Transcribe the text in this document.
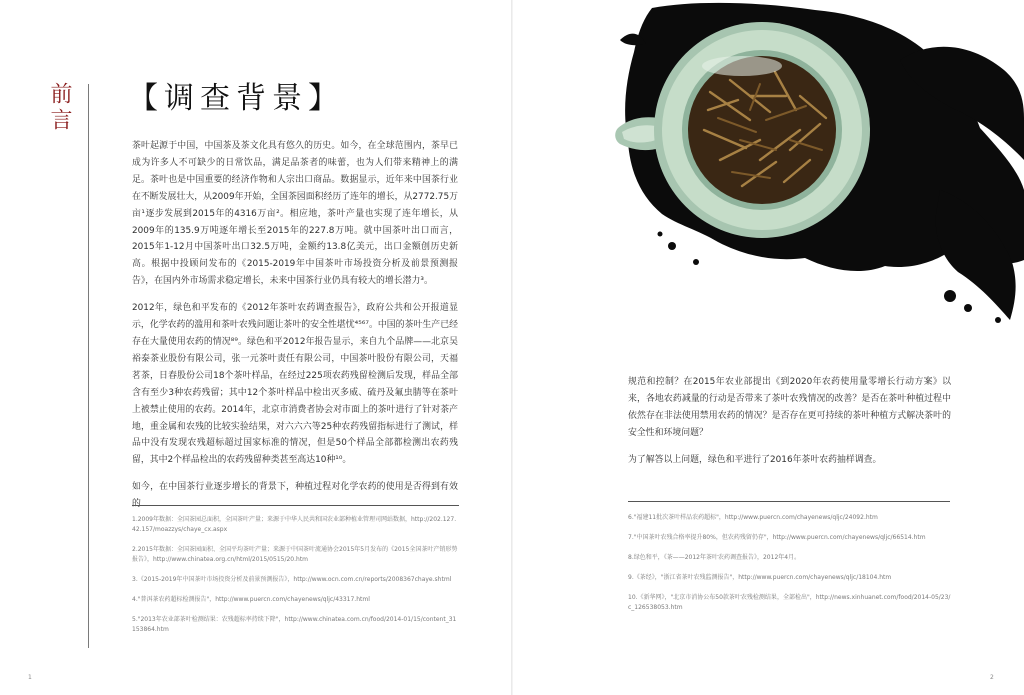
前言 【调查背景】

茶叶起源于中国，中国茶及茶文化具有悠久的历史。如今，在全球范围内，茶早已成为许多人不可缺少的日常饮品，满足品茶者的味蕾，也为人们带来精神上的满足。茶叶也是中国重要的经济作物和人宗出口商品。数据显示，近年来中国茶行业在不断发展壮大，从2009年开始，全国茶园面积经历了连年的增长，从2772.75万亩¹逐步发展到2015年的4316万亩²。相应地，茶叶产量也实现了连年增长，从2009年的135.9万吨逐年增长至2015年的227.8万吨。就中国茶叶出口而言，2015年1-12月中国茶叶出口32.5万吨，金额约13.8亿美元，出口金额创历史新高。根据中投顾问发布的《2015-2019年中国茶叶市场投资分析及前景预测报告》，在国内外市场需求稳定增长，未来中国茶行业仍具有较大的增长潜力³。

2012年，绿色和平发布的《2012年茶叶农药调查报告》，政府公共和公开报道显示，化学农药的滥用和茶叶农残问题让茶叶的安全性堪忧⁴⁵⁶⁷。中国的茶叶生产已经存在大量使用农药的情况⁸⁹。绿色和平2012年报告显示，来自九个品牌——北京吴裕泰茶业股份有限公司，张一元茶叶责任有限公司，中国茶叶股份有限公司，天福茗茶，日春股份公司18个茶叶样品，在经过225项农药残留检测后发现，样品全部含有至少3种农药残留；其中12个茶叶样品中检出灭多威、硫丹及氟虫腈等在茶叶上被禁止使用的农药。2014年，北京市消费者协会对市面上的茶叶进行了针对茶产地，重金属和农残的比较实验结果，对六六六等25种农药残留指标进行了测试，样品中没有发现农残超标超过国家标准的情况，但是50个样品全部都检测出农药残留，其中2个样品检出的农药残留种类甚至高达10种¹⁰。

如今，在中国茶行业逐步增长的背景下，种植过程对化学农药的使用是否得到有效

1.2009年数据：全国茶园总面积，全国茶叶产量；来源于中华人民共和国农业部种植业管理司网站数据，http://202.127.42.157/moazzys/chaye_cx.aspx

2.2015年数据：全国茶园面积、全国平均茶叶产量；来源于中国茶叶流通协会2015年5月发布的《2015全国茶叶产销形势报告》，http://www.chinatea.org.cn/html/2015/0515/20.htm

3.《2015-2019年中国茶叶市场投资分析及前景预测报告》，http://www.ocn.com.cn/reports/2008367chaye.shtml

4."普洱茶农药超标检测报告"，http://www.puercn.com/chayenews/qljc/43317.html

5."2013年农业部茶叶检测结果：农残超标率持续下降"，http://www.chinatea.com.cn/food/2014-01/15/content_31153864.htm

1

规范和控制？在2015年农业部提出《到2020年农药使用量零增长行动方案》以来，各地农药减量的行动是否带来了茶叶农残情况的改善？是否在茶叶种植过程中依然存在非法使用禁用农药的情况？是否存在更可持续的茶叶种植方式解决茶叶的安全性和环境问题？

为了解答以上问题，绿色和平进行了2016年茶叶农药抽样调查。

6."福建11批次茶叶样品农药超标"，http://www.puercn.com/chayenews/qljc/24092.htm

7."中国茶叶农残合格率提升80%，但农药残留仍存"，http://www.puercn.com/chayenews/qljc/66514.htm

8.绿色和平，《茶——2012年茶叶农药调查报告》，2012年4月。

9.《茶经》，"浙江省茶叶农残监测报告"，http://www.puercn.com/chayenews/qljc/18104.htm

10.《新华网》，"北京市消协公布50款茶叶农残检测结果，全部检出"，http://news.xinhuanet.com/food/2014-05/23/c_126538053.htm

2
